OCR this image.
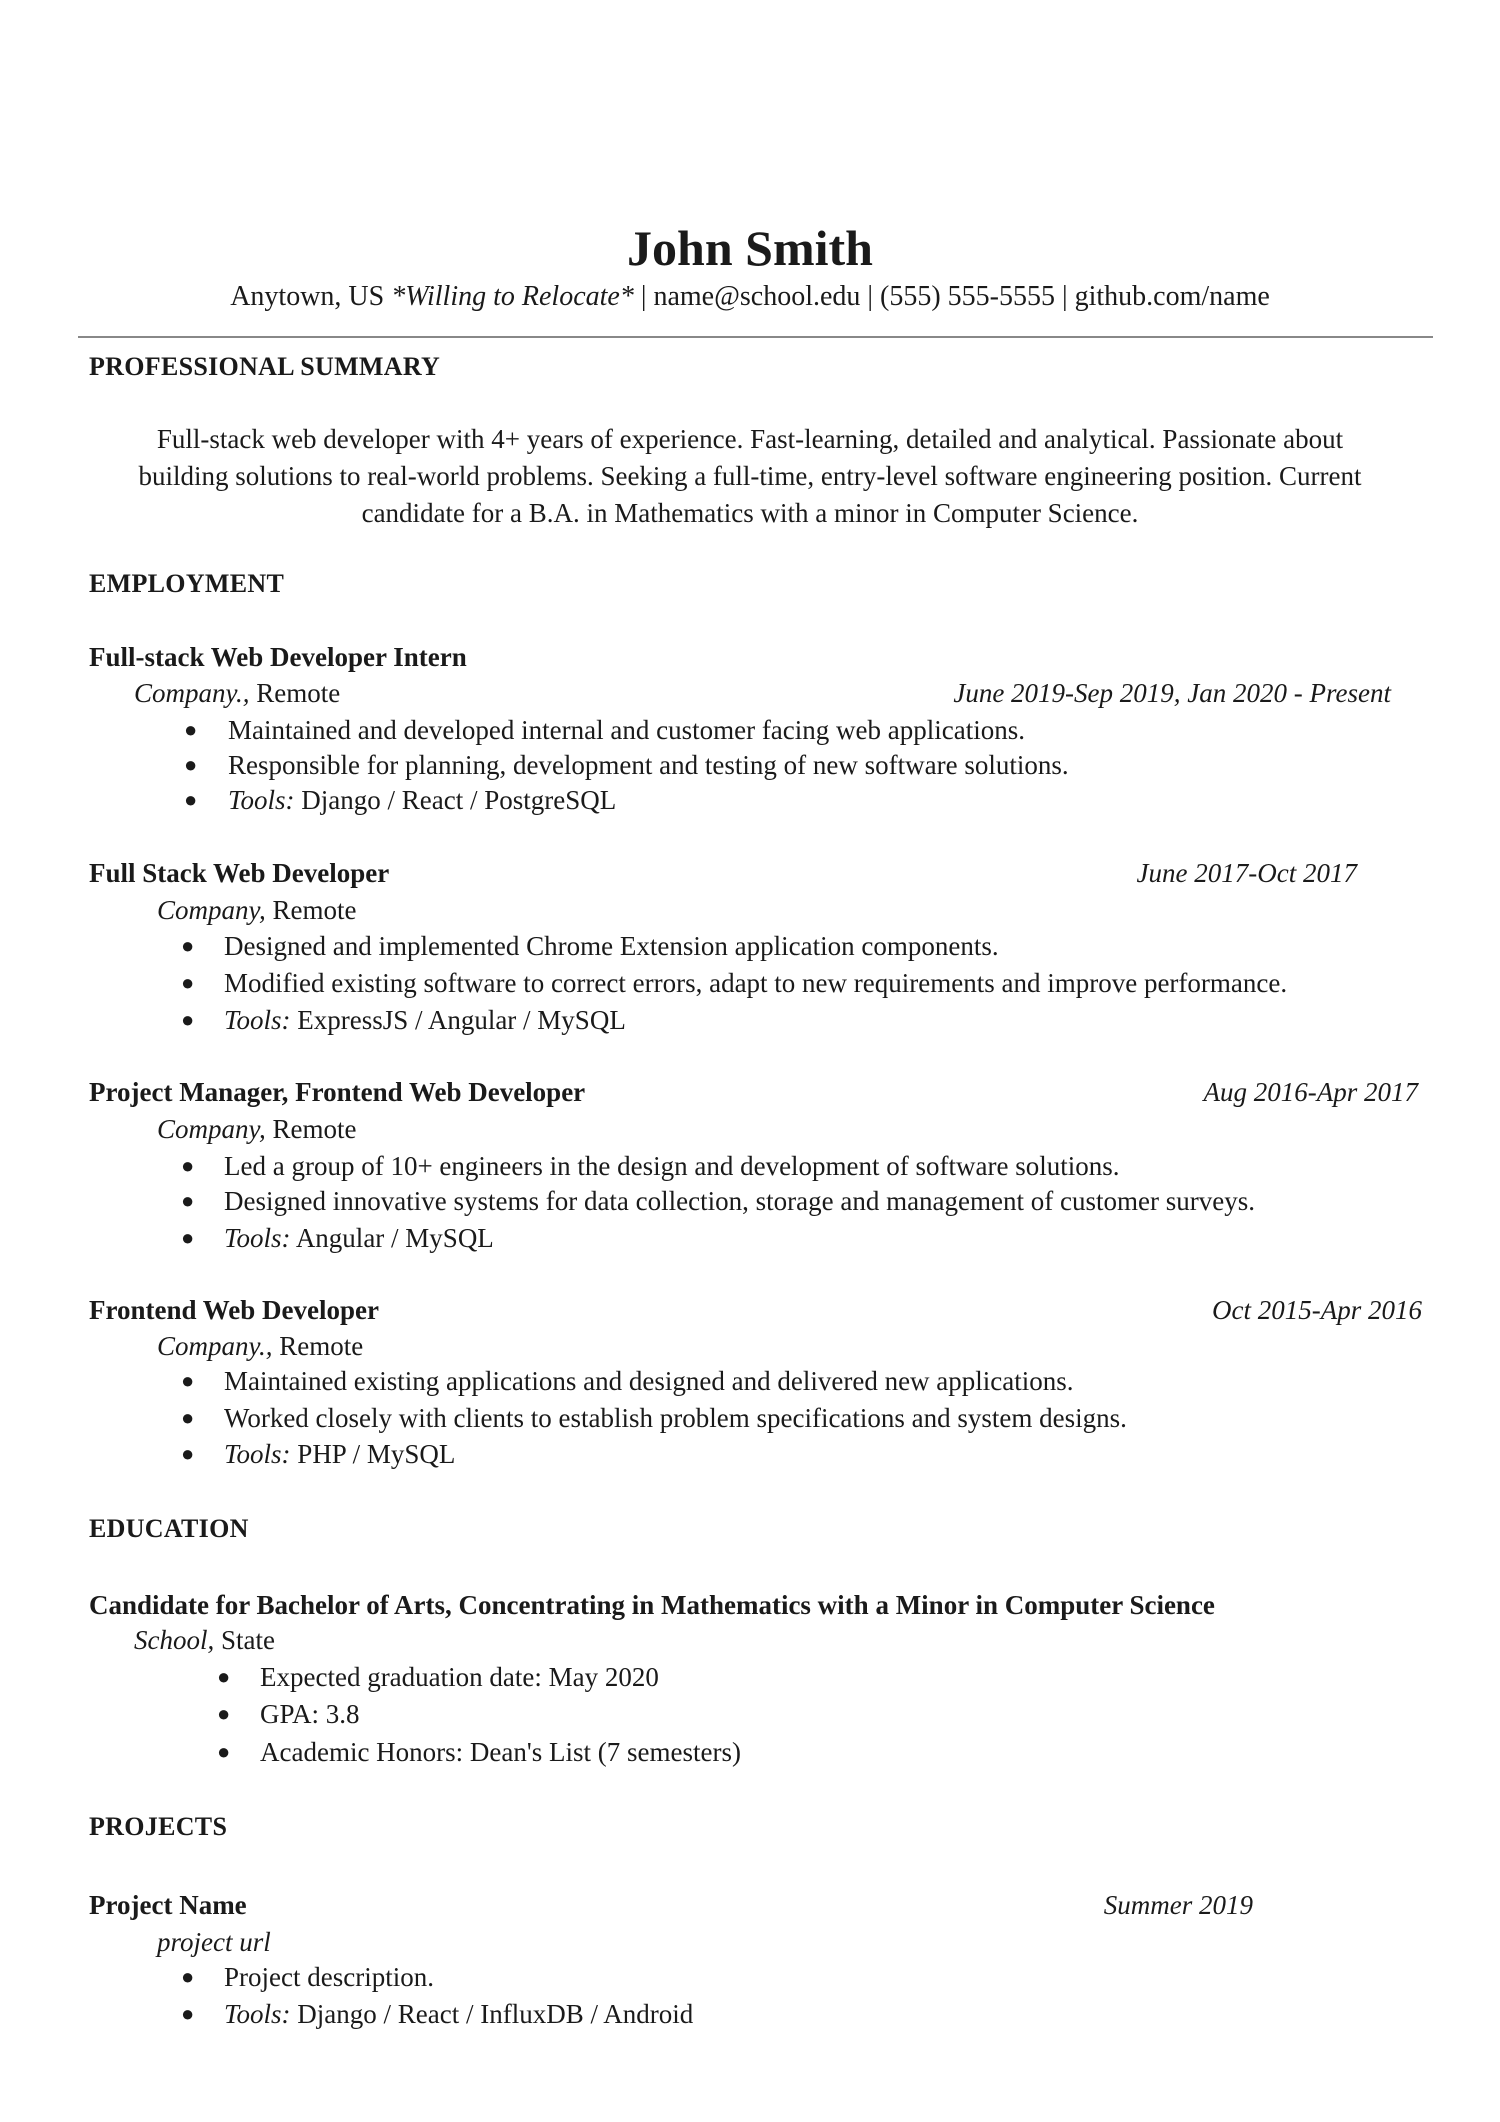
John Smith
Anytown, US *Willing to Relocate* | name@school.edu | (555) 555-5555 | github.com/name
PROFESSIONAL SUMMARY
Full-stack web developer with 4+ years of experience. Fast-learning, detailed and analytical. Passionate about
building solutions to real-world problems. Seeking a full-time, entry-level software engineering position. Current
candidate for a B.A. in Mathematics with a minor in Computer Science.
EMPLOYMENT
Full-stack Web Developer Intern
Company., Remote	June 2019-Sep 2019, Jan 2020 - Present
● Maintained and developed internal and customer facing web applications.
● Responsible for planning, development and testing of new software solutions.
● Tools: Django / React / PostgreSQL
Full Stack Web Developer	June 2017-Oct 2017
Company, Remote
● Designed and implemented Chrome Extension application components.
● Modified existing software to correct errors, adapt to new requirements and improve performance.
● Tools: ExpressJS / Angular / MySQL
Project Manager, Frontend Web Developer	Aug 2016-Apr 2017
Company, Remote
● Led a group of 10+ engineers in the design and development of software solutions.
● Designed innovative systems for data collection, storage and management of customer surveys.
● Tools: Angular / MySQL
Frontend Web Developer	Oct 2015-Apr 2016
Company., Remote
● Maintained existing applications and designed and delivered new applications.
● Worked closely with clients to establish problem specifications and system designs.
● Tools: PHP / MySQL
EDUCATION
Candidate for Bachelor of Arts, Concentrating in Mathematics with a Minor in Computer Science
School, State
● Expected graduation date: May 2020
● GPA: 3.8
● Academic Honors: Dean's List (7 semesters)
PROJECTS
Project Name	Summer 2019
project url
● Project description.
● Tools: Django / React / InfluxDB / Android
